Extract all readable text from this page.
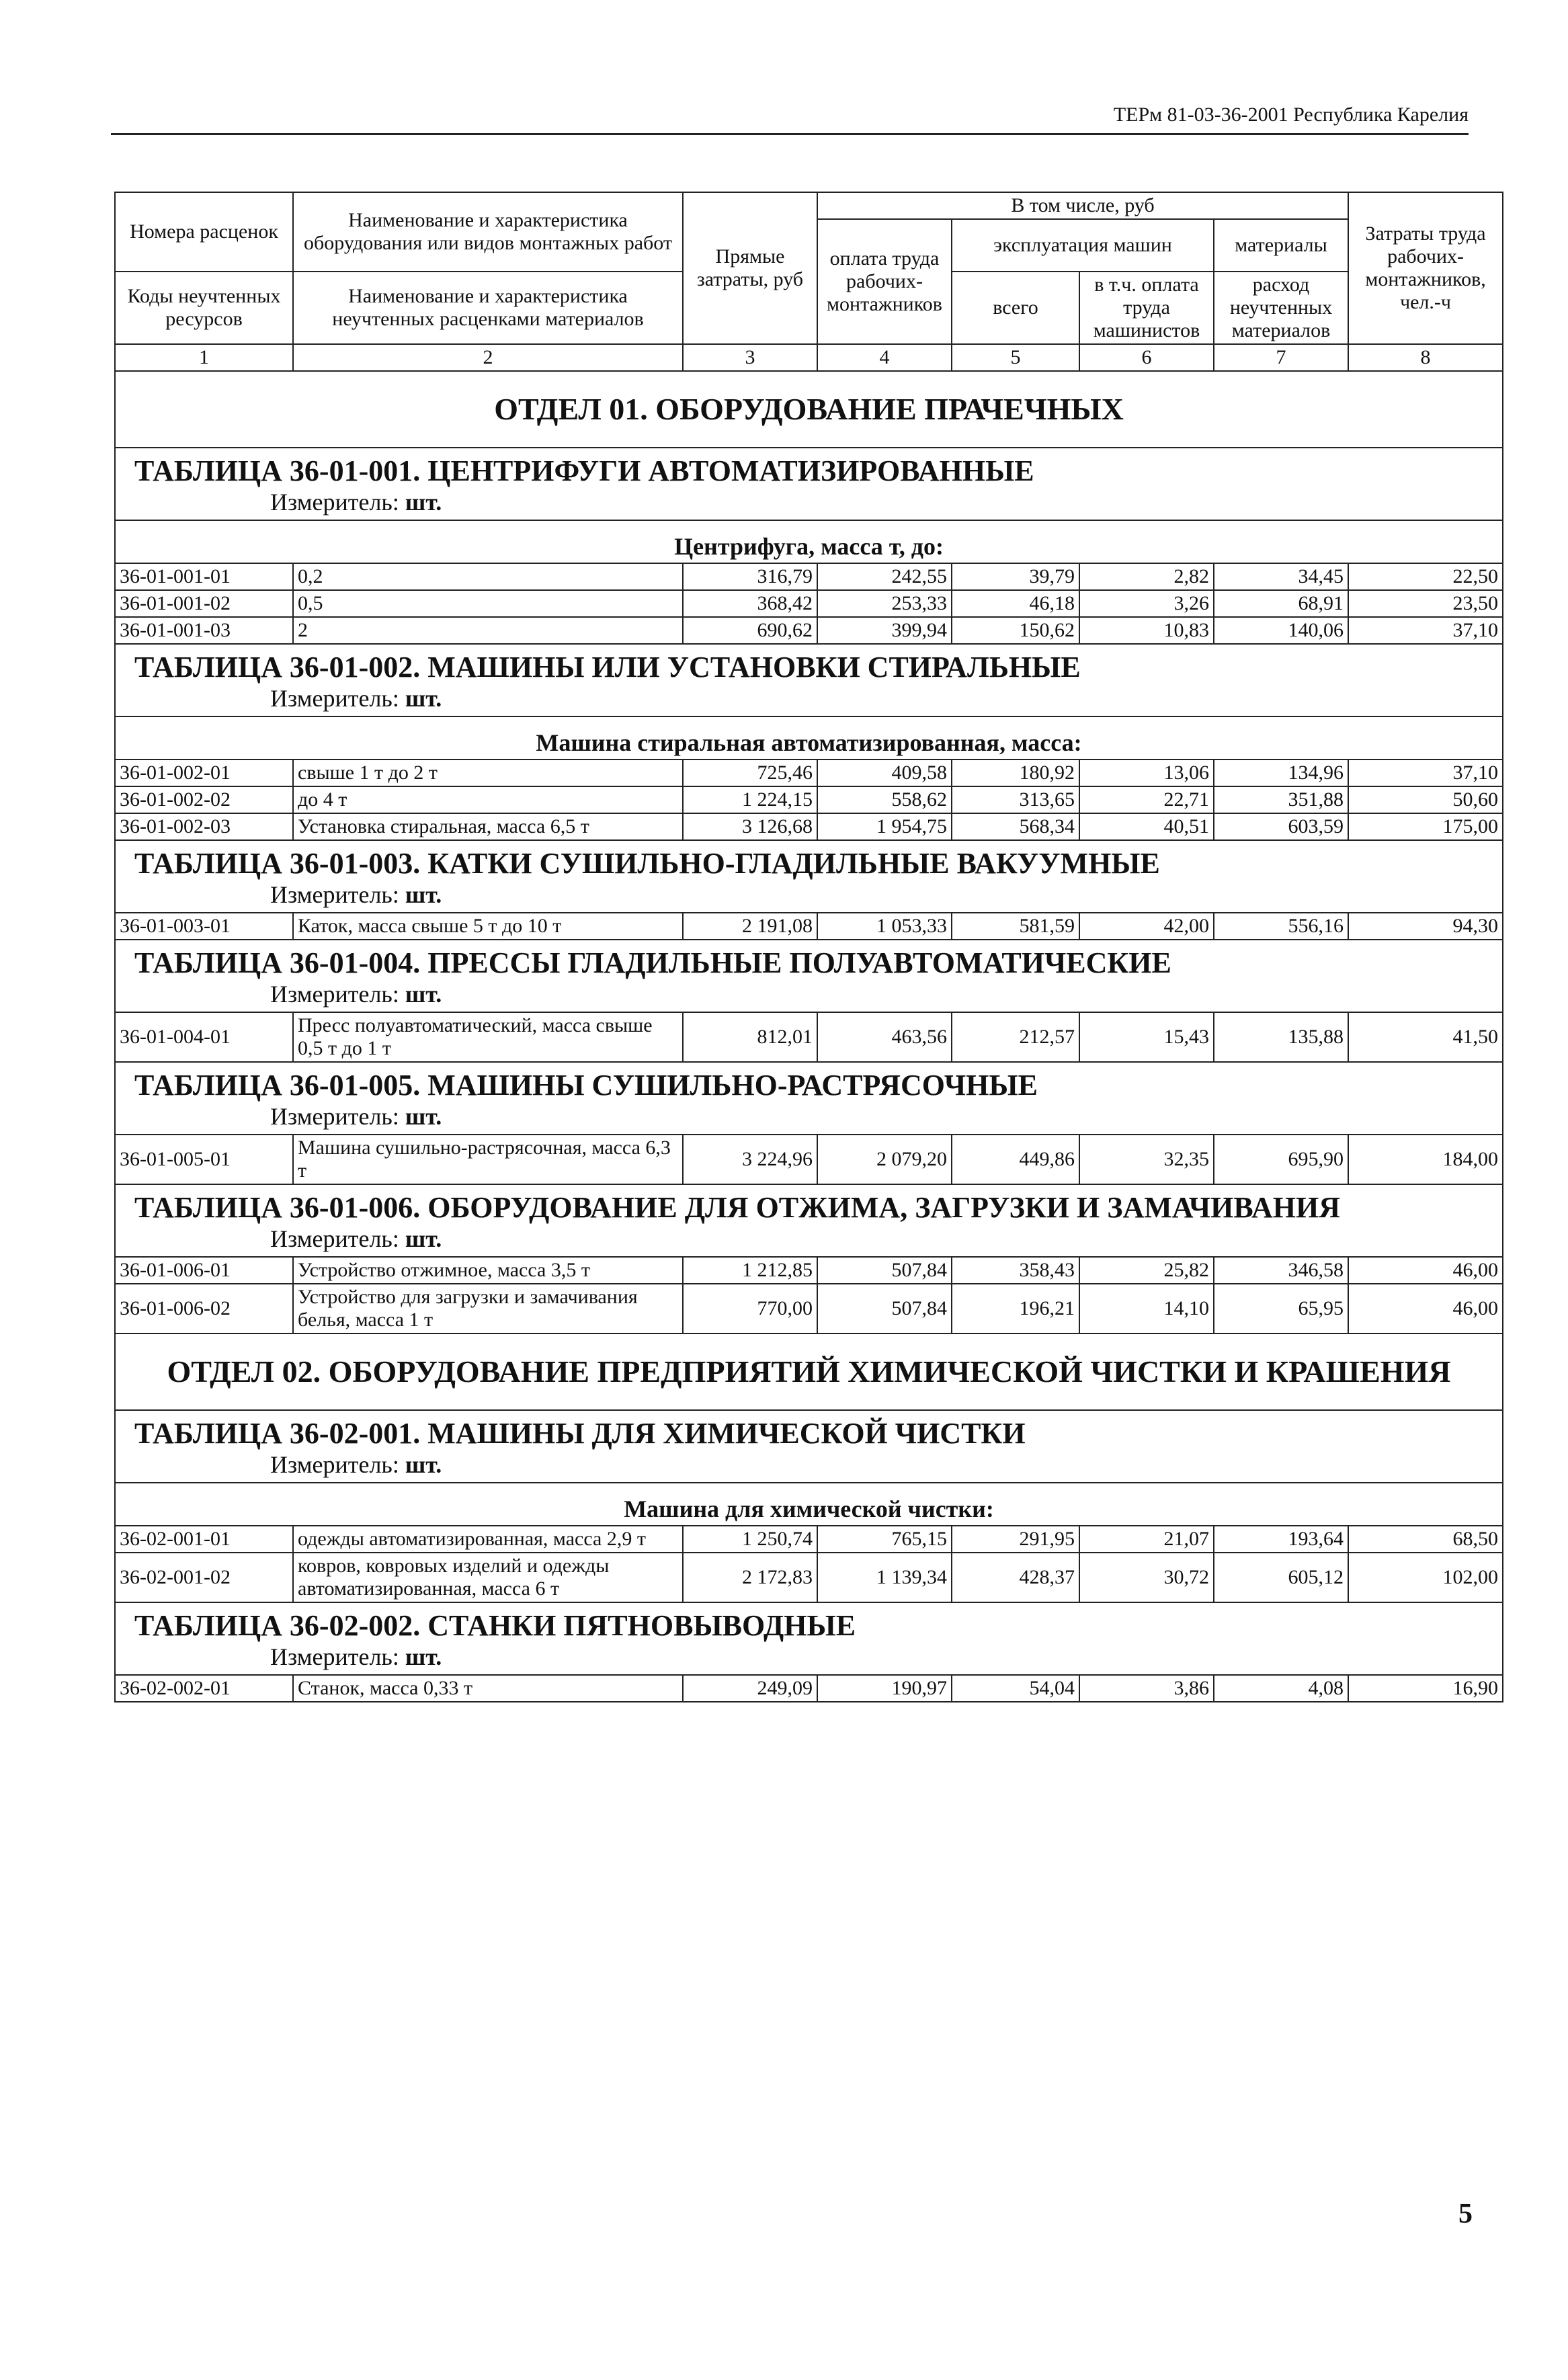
ТЕРм 81-03-36-2001 Республика Карелия
Номера расценок	Наименование и характеристика оборудования или видов монтажных работ	Прямые затраты, руб	В том числе, руб				Затраты труда рабочих-монтажников, чел.-ч
			оплата труда рабочих-монтажников	эксплуатация машин		материалы	
Коды неучтенных ресурсов	Наименование и характеристика неучтенных расценками материалов			всего	в т.ч. оплата труда машинистов	расход неучтенных материалов	

1	2	3	4	5	6	7	8
ОТДЕЛ 01. ОБОРУДОВАНИЕ ПРАЧЕЧНЫХ							
ТАБЛИЦА 36-01-001. ЦЕНТРИФУГИ АВТОМАТИЗИРОВАННЫЕ							
Измеритель: шт.							
Центрифуга, масса т, до:							
36-01-001-01	0,2	316,79	242,55	39,79	2,82	34,45	22,50
36-01-001-02	0,5	368,42	253,33	46,18	3,26	68,91	23,50
36-01-001-03	2	690,62	399,94	150,62	10,83	140,06	37,10
ТАБЛИЦА 36-01-002. МАШИНЫ ИЛИ УСТАНОВКИ СТИРАЛЬНЫЕ							
Измеритель: шт.							
Машина стиральная автоматизированная, масса:							
36-01-002-01	свыше 1 т до 2 т	725,46	409,58	180,92	13,06	134,96	37,10
36-01-002-02	до 4 т	1 224,15	558,62	313,65	22,71	351,88	50,60
36-01-002-03	Установка стиральная, масса 6,5 т	3 126,68	1 954,75	568,34	40,51	603,59	175,00
ТАБЛИЦА 36-01-003. КАТКИ СУШИЛЬНО-ГЛАДИЛЬНЫЕ ВАКУУМНЫЕ							
Измеритель: шт.							
36-01-003-01	Каток, масса свыше 5 т до 10 т	2 191,08	1 053,33	581,59	42,00	556,16	94,30
ТАБЛИЦА 36-01-004. ПРЕССЫ ГЛАДИЛЬНЫЕ ПОЛУАВТОМАТИЧЕСКИЕ							
Измеритель: шт.							
36-01-004-01	Пресс полуавтоматический, масса свыше 0,5 т до 1 т	812,01	463,56	212,57	15,43	135,88	41,50
ТАБЛИЦА 36-01-005. МАШИНЫ СУШИЛЬНО-РАСТРЯСОЧНЫЕ							
Измеритель: шт.							
36-01-005-01	Машина сушильно-растрясочная, масса 6,3 т	3 224,96	2 079,20	449,86	32,35	695,90	184,00
ТАБЛИЦА 36-01-006. ОБОРУДОВАНИЕ ДЛЯ ОТЖИМА, ЗАГРУЗКИ И ЗАМАЧИВАНИЯ							
Измеритель: шт.							
36-01-006-01	Устройство отжимное, масса 3,5 т	1 212,85	507,84	358,43	25,82	346,58	46,00
36-01-006-02	Устройство для загрузки и замачивания белья, масса 1 т	770,00	507,84	196,21	14,10	65,95	46,00
ОТДЕЛ 02. ОБОРУДОВАНИЕ ПРЕДПРИЯТИЙ ХИМИЧЕСКОЙ ЧИСТКИ И КРАШЕНИЯ							
ТАБЛИЦА 36-02-001. МАШИНЫ ДЛЯ ХИМИЧЕСКОЙ ЧИСТКИ							
Измеритель: шт.							
Машина для химической чистки:							
36-02-001-01	одежды автоматизированная, масса 2,9 т	1 250,74	765,15	291,95	21,07	193,64	68,50
36-02-001-02	ковров, ковровых изделий и одежды автоматизированная, масса 6 т	2 172,83	1 139,34	428,37	30,72	605,12	102,00
ТАБЛИЦА 36-02-002. СТАНКИ ПЯТНОВЫВОДНЫЕ							
Измеритель: шт.							
36-02-002-01	Станок, масса 0,33 т	249,09	190,97	54,04	3,86	4,08	16,90
5
